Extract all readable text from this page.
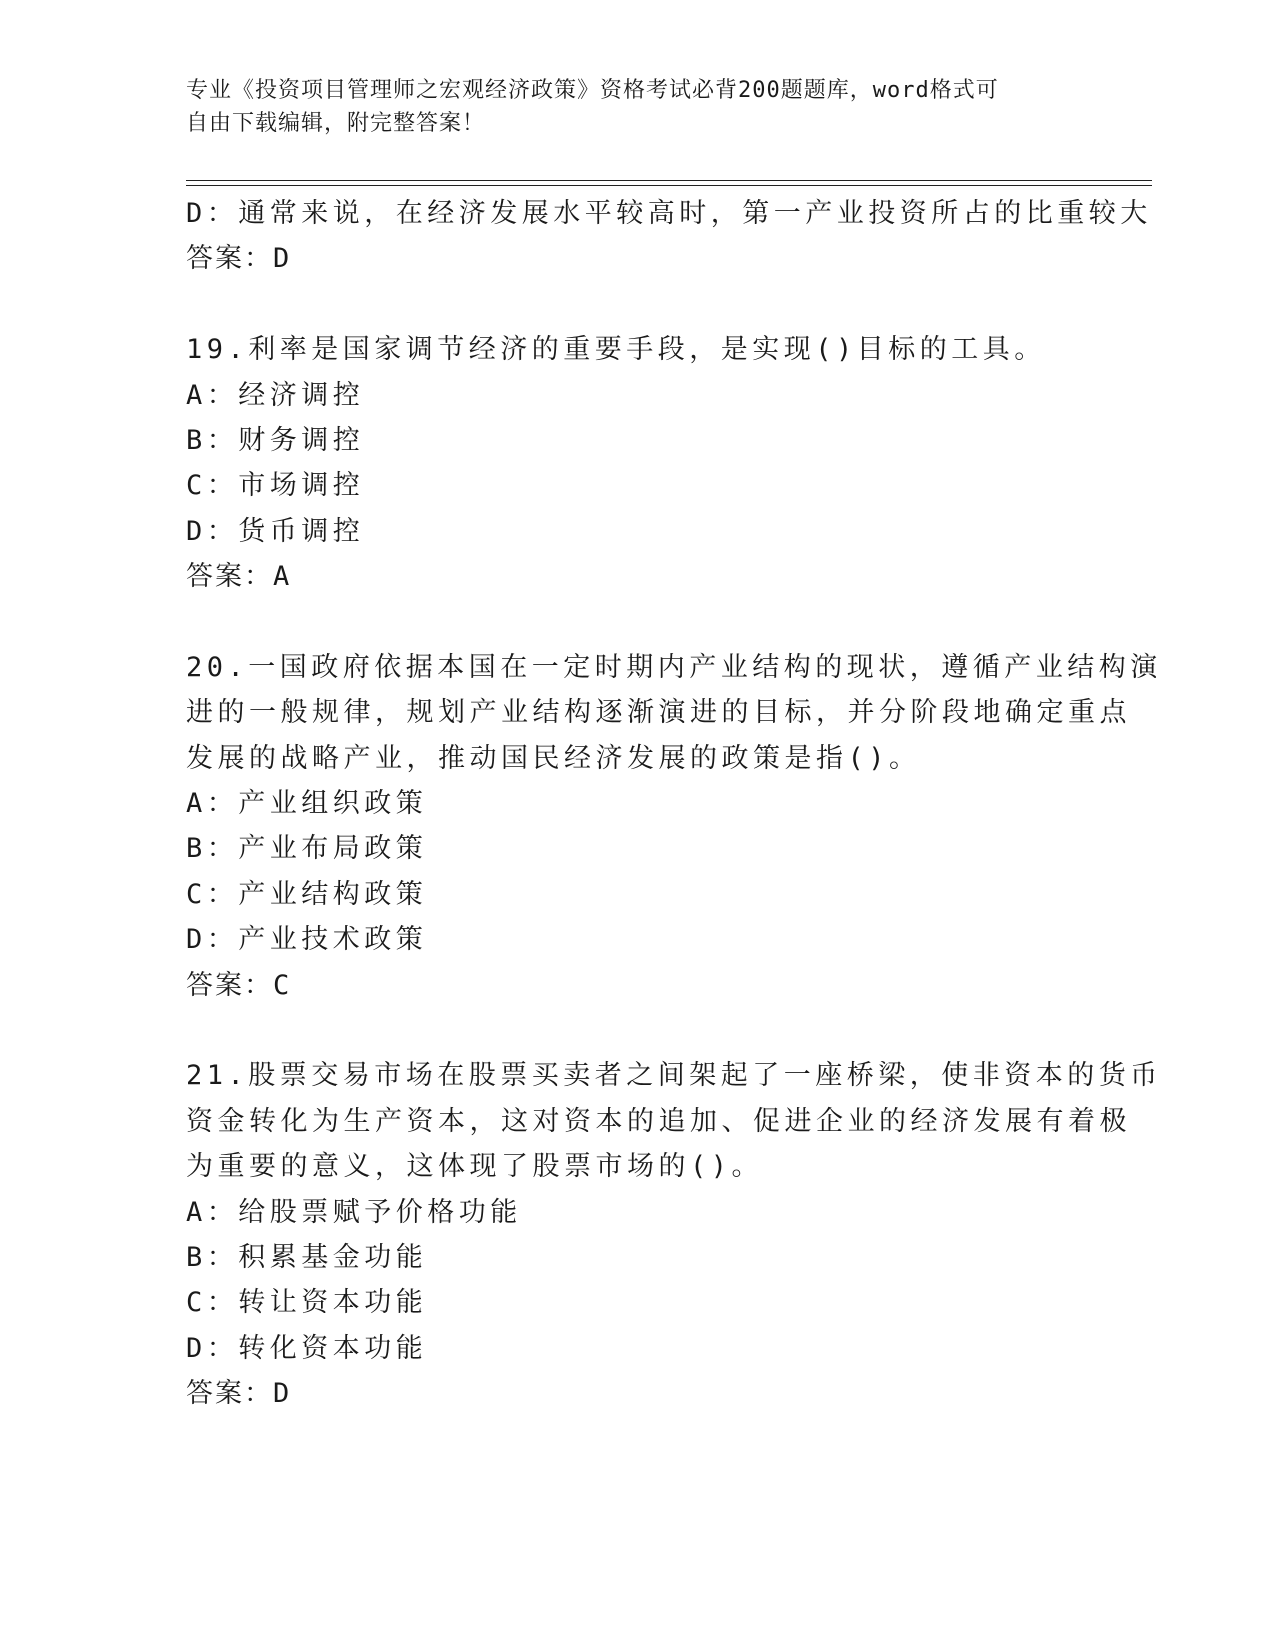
专业《投资项目管理师之宏观经济政策》资格考试必背200题题库，word格式可
自由下载编辑，附完整答案！
D：通常来说，在经济发展水平较高时，第一产业投资所占的比重较大
答案：D
19.利率是国家调节经济的重要手段，是实现()目标的工具。
A：经济调控
B：财务调控
C：市场调控
D：货币调控
答案：A
20.一国政府依据本国在一定时期内产业结构的现状，遵循产业结构演
进的一般规律，规划产业结构逐渐演进的目标，并分阶段地确定重点
发展的战略产业，推动国民经济发展的政策是指()。
A：产业组织政策
B：产业布局政策
C：产业结构政策
D：产业技术政策
答案：C
21.股票交易市场在股票买卖者之间架起了一座桥梁，使非资本的货币
资金转化为生产资本，这对资本的追加、促进企业的经济发展有着极
为重要的意义，这体现了股票市场的()。
A：给股票赋予价格功能
B：积累基金功能
C：转让资本功能
D：转化资本功能
答案：D
